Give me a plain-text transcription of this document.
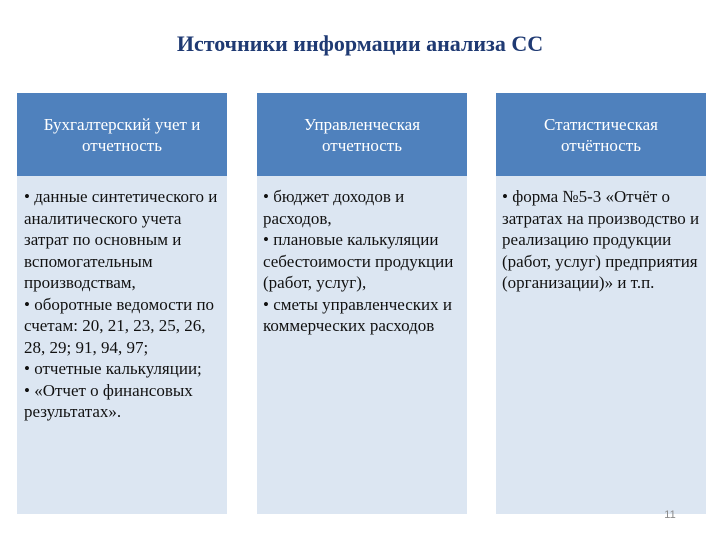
Источники информации анализа СС
Бухгалтерский учет и отчетность
• данные синтетического и аналитического учета затрат по основным и вспомогательным производствам,
• оборотные ведомости по счетам: 20, 21, 23, 25, 26, 28, 29; 91, 94, 97;
• отчетные калькуляции;
• «Отчет о финансовых результатах».
Управленческая отчетность
• бюджет доходов и расходов,
• плановые калькуляции себестоимости продукции (работ, услуг),
• сметы управленческих и коммерческих расходов
Статистическая отчётность
• форма №5-3 «Отчёт о затратах на производство и реализацию продукции (работ, услуг) предприятия (организации)» и т.п.
11
